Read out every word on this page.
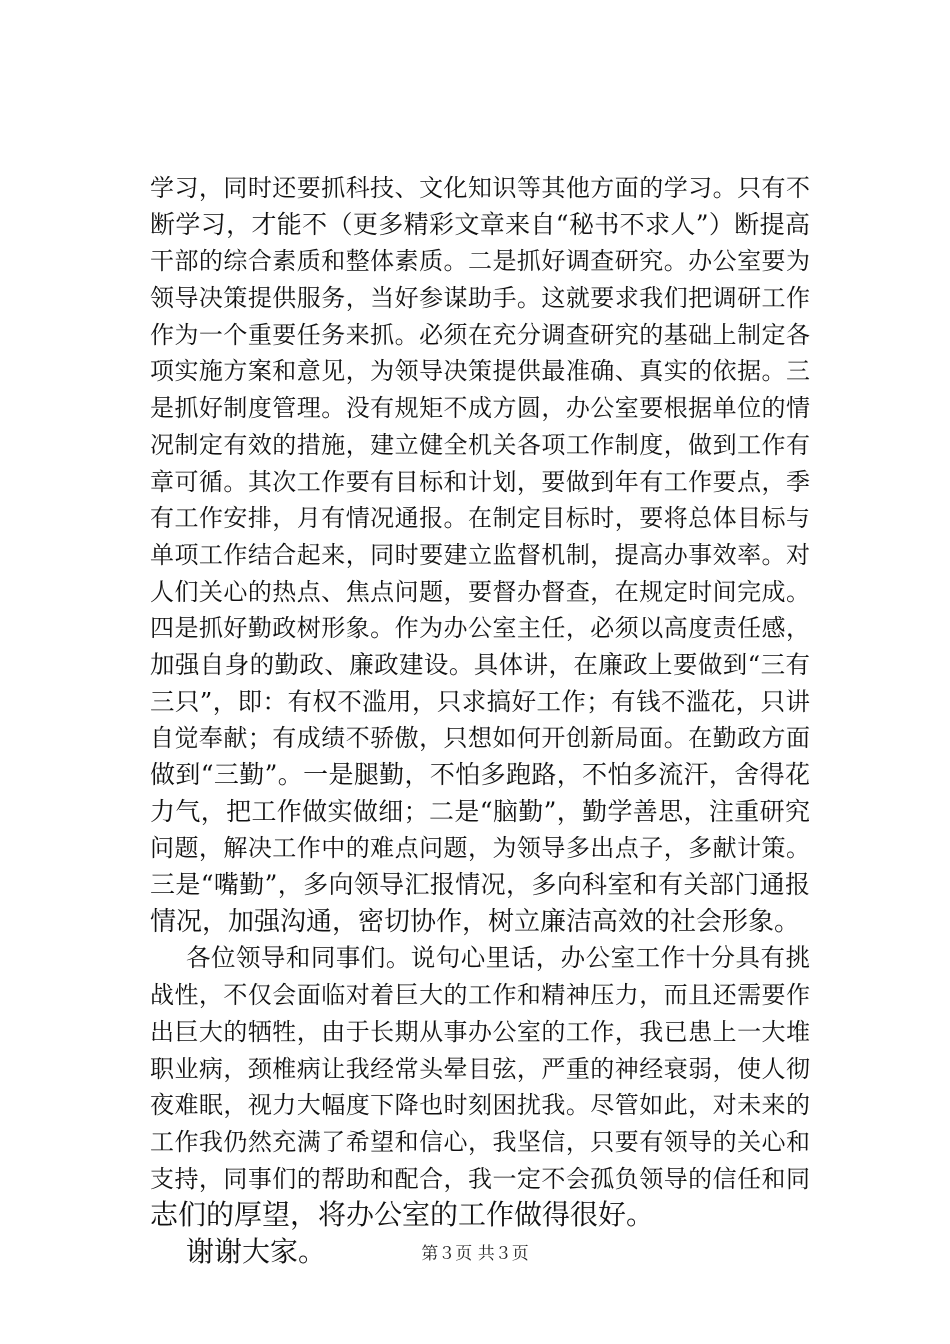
学习，同时还要抓科技、文化知识等其他方面的学习。只有不
断学习，才能不（更多精彩文章来自“秘书不求人”）断提高
干部的综合素质和整体素质。二是抓好调查研究。办公室要为
领导决策提供服务，当好参谋助手。这就要求我们把调研工作
作为一个重要任务来抓。必须在充分调查研究的基础上制定各
项实施方案和意见，为领导决策提供最准确、真实的依据。三
是抓好制度管理。没有规矩不成方圆，办公室要根据单位的情
况制定有效的措施，建立健全机关各项工作制度，做到工作有
章可循。其次工作要有目标和计划，要做到年有工作要点，季
有工作安排，月有情况通报。在制定目标时，要将总体目标与
单项工作结合起来，同时要建立监督机制，提高办事效率。对
人们关心的热点、焦点问题，要督办督查，在规定时间完成。
四是抓好勤政树形象。作为办公室主任，必须以高度责任感，
加强自身的勤政、廉政建设。具体讲，在廉政上要做到“三有
三只”，即：有权不滥用，只求搞好工作；有钱不滥花，只讲
自觉奉献；有成绩不骄傲，只想如何开创新局面。在勤政方面
做到“三勤”。一是腿勤，不怕多跑路，不怕多流汗，舍得花
力气，把工作做实做细；二是“脑勤”，勤学善思，注重研究
问题，解决工作中的难点问题，为领导多出点子，多献计策。
三是“嘴勤”，多向领导汇报情况，多向科室和有关部门通报
情况，加强沟通，密切协作，树立廉洁高效的社会形象。
各位领导和同事们。说句心里话，办公室工作十分具有挑
战性，不仅会面临对着巨大的工作和精神压力，而且还需要作
出巨大的牺牲，由于长期从事办公室的工作，我已患上一大堆
职业病，颈椎病让我经常头晕目弦，严重的神经衰弱，使人彻
夜难眠，视力大幅度下降也时刻困扰我。尽管如此，对未来的
工作我仍然充满了希望和信心，我坚信，只要有领导的关心和
支持，同事们的帮助和配合，我一定不会孤负领导的信任和同
志们的厚望，将办公室的工作做得很好。
谢谢大家。	第３页 共３页
